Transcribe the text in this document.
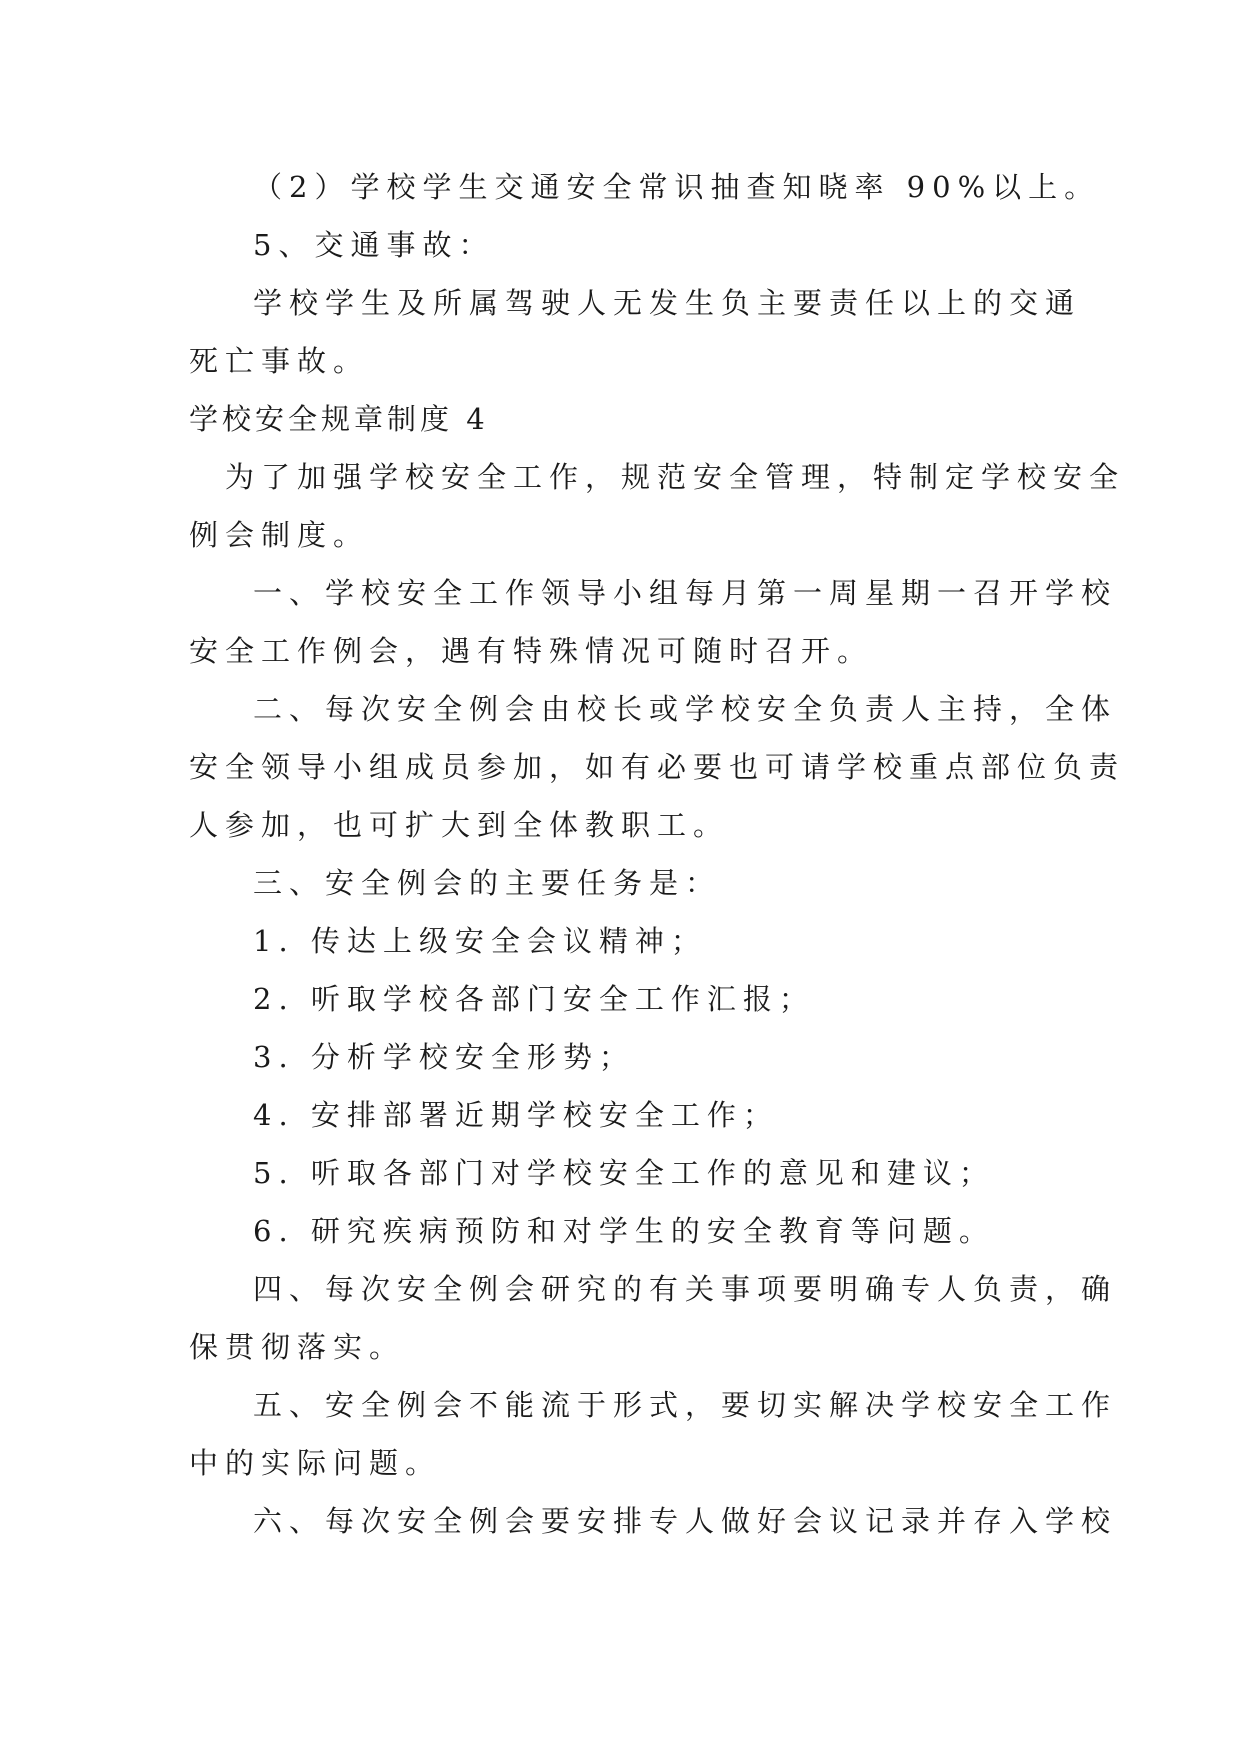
（2）学校学生交通安全常识抽查知晓率 90%以上。
5、交通事故：
学校学生及所属驾驶人无发生负主要责任以上的交通
死亡事故。
学校安全规章制度 4
为了加强学校安全工作，规范安全管理，特制定学校安全
例会制度。
一、学校安全工作领导小组每月第一周星期一召开学校
安全工作例会，遇有特殊情况可随时召开。
二、每次安全例会由校长或学校安全负责人主持，全体
安全领导小组成员参加，如有必要也可请学校重点部位负责
人参加，也可扩大到全体教职工。
三、安全例会的主要任务是：
1. 传达上级安全会议精神；
2. 听取学校各部门安全工作汇报；
3. 分析学校安全形势；
4. 安排部署近期学校安全工作；
5. 听取各部门对学校安全工作的意见和建议；
6. 研究疾病预防和对学生的安全教育等问题。
四、每次安全例会研究的有关事项要明确专人负责，确
保贯彻落实。
五、安全例会不能流于形式，要切实解决学校安全工作
中的实际问题。
六、每次安全例会要安排专人做好会议记录并存入学校
